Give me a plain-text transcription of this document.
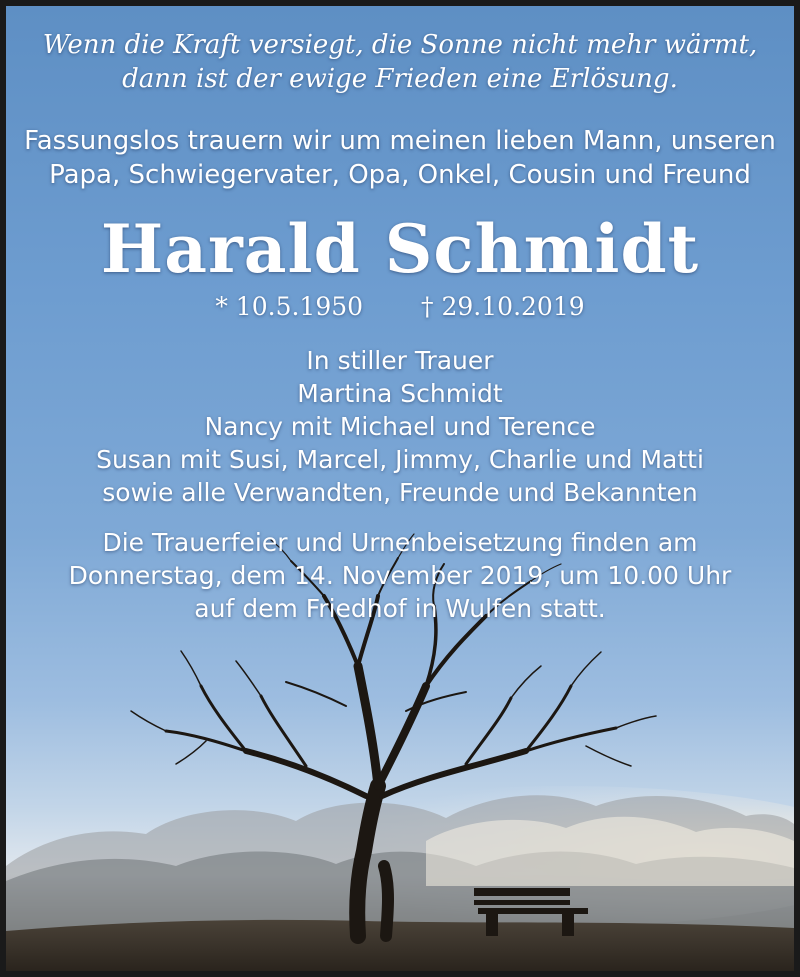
Wenn die Kraft versiegt, die Sonne nicht mehr wärmt,
dann ist der ewige Frieden eine Erlösung.

Fassungslos trauern wir um meinen lieben Mann, unseren
Papa, Schwiegervater, Opa, Onkel, Cousin und Freund

Harald Schmidt

* 10.5.1950 † 29.10.2019

In stiller Trauer
Martina Schmidt
Nancy mit Michael und Terence
Susan mit Susi, Marcel, Jimmy, Charlie und Matti
sowie alle Verwandten, Freunde und Bekannten

Die Trauerfeier und Urnenbeisetzung finden am
Donnerstag, dem 14. November 2019, um 10.00 Uhr
auf dem Friedhof in Wulfen statt.
